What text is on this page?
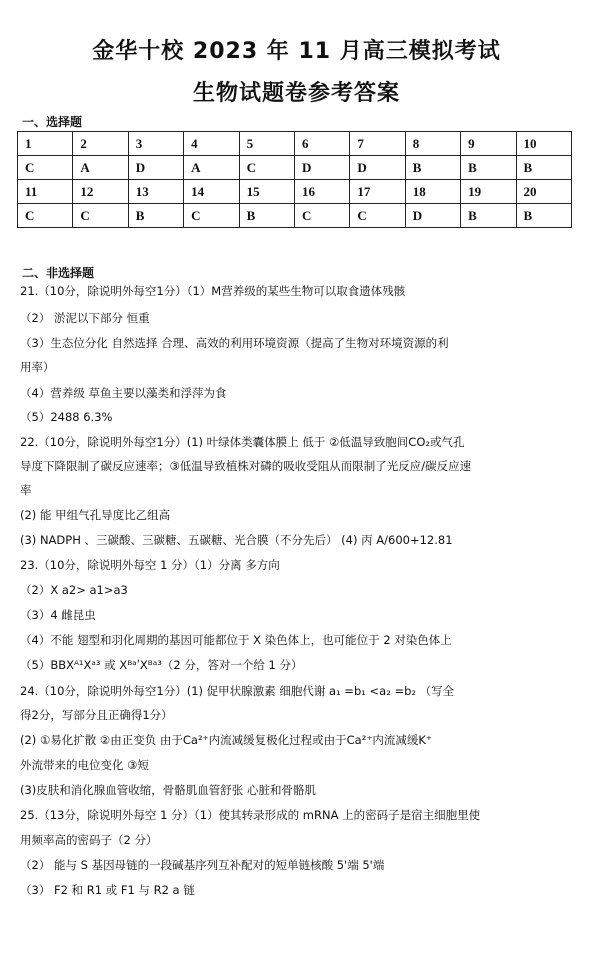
金华十校 2023 年 11 月高三模拟考试
生物试题卷参考答案
一、选择题
1	2	3	4	5	6	7	8	9	10
C	A	D	A	C	D	D	B	B	B
11	12	13	14	15	16	17	18	19	20
C	C	B	C	B	C	C	D	B	B
二、非选择题
21.（10分，除说明外每空1分）（1）M营养级的某些生物可以取食遗体残骸
（2） 淤泥以下部分 恒重
（3）生态位分化 自然选择 合理、高效的利用环境资源（提高了生物对环境资源的利
用率）
（4）营养级 草鱼主要以藻类和浮萍为食
（5）2488 6.3%
22.（10分，除说明外每空1分）(1) 叶绿体类囊体膜上 低于 ②低温导致胞间CO₂或气孔
导度下降限制了碳反应速率；③低温导致植株对磷的吸收受阻从而限制了光反应/碳反应速
率
(2) 能 甲组气孔导度比乙组高
(3) NADPH 、三碳酸、三碳糖、五碳糖、光合膜（不分先后） (4) 丙 A/600+12.81
23.（10分，除说明外每空 1 分）（1）分离 多方向
（2）X a2> a1>a3
（3）4 雌昆虫
（4）不能 翅型和羽化周期的基因可能都位于 X 染色体上，也可能位于 2 对染色体上
（5）BBXᴬ¹Xᵃ³ 或 XᴮᵃʹXᴮᵃ³（2 分，答对一个给 1 分）
24.（10分，除说明外每空1分）(1) 促甲状腺激素 细胞代谢 a₁ =b₁ <a₂ =b₂ （写全
得2分，写部分且正确得1分）
(2) ①易化扩散 ②由正变负 由于Ca²⁺内流减缓复极化过程或由于Ca²⁺内流减缓K⁺
外流带来的电位变化 ③短
(3)皮肤和消化腺血管收缩，骨骼肌血管舒张 心脏和骨骼肌
25.（13分，除说明外每空 1 分）（1）使其转录形成的 mRNA 上的密码子是宿主细胞里使
用频率高的密码子（2 分）
（2） 能与 S 基因母链的一段碱基序列互补配对的短单链核酸 5'端 5'端
（3） F2 和 R1 或 F1 与 R2 a 链
